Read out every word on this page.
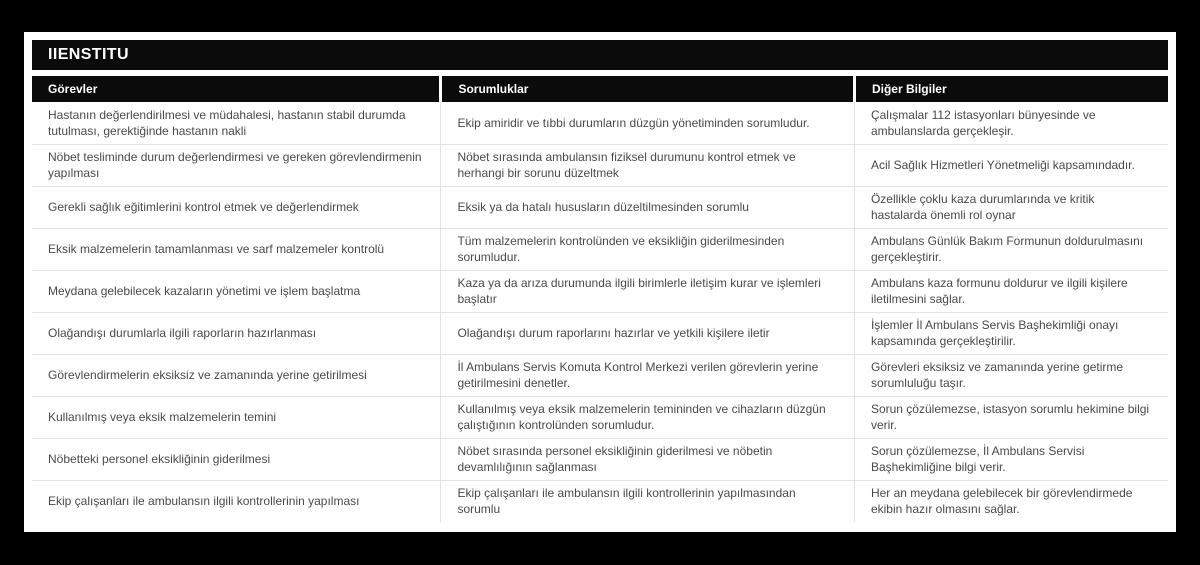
IIENSTITU
Görevler	Sorumluklar	Diğer Bilgiler
Hastanın değerlendirilmesi ve müdahalesi, hastanın stabil durumda tutulması, gerektiğinde hastanın nakli	Ekip amiridir ve tıbbi durumların düzgün yönetiminden sorumludur.	Çalışmalar 112 istasyonları bünyesinde ve ambulanslarda gerçekleşir.
Nöbet tesliminde durum değerlendirmesi ve gereken görevlendirmenin yapılması	Nöbet sırasında ambulansın fiziksel durumunu kontrol etmek ve herhangi bir sorunu düzeltmek	Acil Sağlık Hizmetleri Yönetmeliği kapsamındadır.
Gerekli sağlık eğitimlerini kontrol etmek ve değerlendirmek	Eksik ya da hatalı hususların düzeltilmesinden sorumlu	Özellikle çoklu kaza durumlarında ve kritik hastalarda önemli rol oynar
Eksik malzemelerin tamamlanması ve sarf malzemeler kontrolü	Tüm malzemelerin kontrolünden ve eksikliğin giderilmesinden sorumludur.	Ambulans Günlük Bakım Formunun doldurulmasını gerçekleştirir.
Meydana gelebilecek kazaların yönetimi ve işlem başlatma	Kaza ya da arıza durumunda ilgili birimlerle iletişim kurar ve işlemleri başlatır	Ambulans kaza formunu doldurur ve ilgili kişilere iletilmesini sağlar.
Olağandışı durumlarla ilgili raporların hazırlanması	Olağandışı durum raporlarını hazırlar ve yetkili kişilere iletir	İşlemler İl Ambulans Servis Başhekimliği onayı kapsamında gerçekleştirilir.
Görevlendirmelerin eksiksiz ve zamanında yerine getirilmesi	İl Ambulans Servis Komuta Kontrol Merkezi verilen görevlerin yerine getirilmesini denetler.	Görevleri eksiksiz ve zamanında yerine getirme sorumluluğu taşır.
Kullanılmış veya eksik malzemelerin temini	Kullanılmış veya eksik malzemelerin temininden ve cihazların düzgün çalıştığının kontrolünden sorumludur.	Sorun çözülemezse, istasyon sorumlu hekimine bilgi verir.
Nöbetteki personel eksikliğinin giderilmesi	Nöbet sırasında personel eksikliğinin giderilmesi ve nöbetin devamlılığının sağlanması	Sorun çözülemezse, İl Ambulans Servisi Başhekimliğine bilgi verir.
Ekip çalışanları ile ambulansın ilgili kontrollerinin yapılması	Ekip çalışanları ile ambulansın ilgili kontrollerinin yapılmasından sorumlu	Her an meydana gelebilecek bir görevlendirmede ekibin hazır olmasını sağlar.
